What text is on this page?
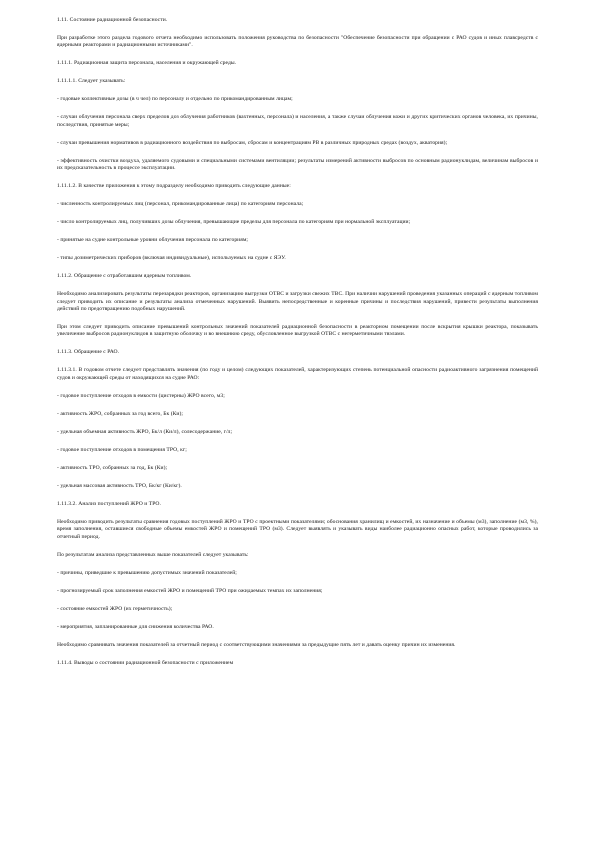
1.11. Состояние радиационной безопасности.

При разработке этого раздела годового отчета необходимо использовать положения руководства по безопасности "Обеспечение безопасности при обращении с РАО судов и иных плавсредств с ядерными реакторами и радиационными источниками".

1.11.1. Радиационная защита персонала, населения и окружающей среды.

1.11.1.1. Следует указывать:

- годовые коллективные дозы (в ч чел) по персоналу и отдельно по прикомандированным лицам;

- случаи облучения персонала сверх пределов доз облучения работников (вахтенных, персонала) и населения, а также случаи облучения кожи и других критических органов человека, их причины, последствия, принятые меры;

- случаи превышения нормативов в радиационного воздействия по выбросам, сбросам и концентрациям РВ в различных природных средах (воздух, акватория);

- эффективность очистки воздуха, удаляемого судовыми и специальными системами вентиляции; результаты измерений активности выбросов по основным радионуклидам, величинам выбросов и их предсказательность в процессе эксплуатации.

1.11.1.2. В качестве приложения к этому подразделу необходимо приводить следующие данные:

- численность контролируемых лиц (персонал, прикомандированные лица) по категориям персонала;

- число контролируемых лиц, получивших дозы облучения, превышающие пределы для персонала по категориям при нормальной эксплуатации;

- принятые на судне контрольные уровни облучения персонала по категориям;

- типы дозиметрических приборов (включая индивидуальные), используемых на судне с ЯЭУ.

1.11.2. Обращение с отработавшим ядерным топливом.

Необходимо анализировать результаты перезарядки реакторов, организацию выгрузки ОТВС и загрузки свежих ТВС. При наличии нарушений проведения указанных операций с ядерным топливом следует приводить их описание и результаты анализа отмеченных нарушений. Выявить непосредственные и коренные причины и последствия нарушений, привести результаты выполнения действий по предотвращению подобных нарушений.

При этом следует приводить описание превышений контрольных значений показателей радиационной безопасности в реакторном помещении после вскрытия крышки реактора, показывать увеличение выбросов радионуклидов в защитную оболочку и во внешнюю среду, обусловленное выгрузкой ОТВС с негерметичными твэлами.

1.11.3. Обращение с РАО.

1.11.3.1. В годовом отчете следует представлять значения (по году и целом) следующих показателей, характеризующих степень потенциальной опасности радиоактивного загрязнения помещений судов и окружающей среды от находящихся на судне РАО:

- годовое поступление отходов в емкости (цистерны) ЖРО всего, м3;

- активность ЖРО, собранных за год всего, Бк (Ки);

- удельная объемная активность ЖРО, Бк/л (Ки/л), солесодержание, г/л;

- годовое поступление отходов в помещения ТРО, кг;

- активность ТРО, собранных за год, Бк (Ки);

- удельная массовая активность ТРО, Бк/кг (Ки/кг).

1.11.3.2. Анализ поступлений ЖРО и ТРО.

Необходимо приводить результаты сравнения годовых поступлений ЖРО и ТРО с проектными показателями; обоснования хранилищ и емкостей, их назначение и объемы (м3), заполнение (м3, %), время заполнения, оставшиеся свободные объемы емкостей ЖРО и помещений ТРО (м3). Следует выявлять и указывать виды наиболее радиационно опасных работ, которые проводились за отчетный период.

По результатам анализа представленных выше показателей следует указывать:

- причины, приведшие к превышению допустимых значений показателей;

- прогнозируемый срок заполнения емкостей ЖРО и помещений ТРО при ожидаемых темпах их заполнения;

- состояние емкостей ЖРО (их герметичность);

- мероприятия, запланированные для снижения количества РАО.

Необходимо сравнивать значения показателей за отчетный период с соответствующими значениями за предыдущие пять лет и давать оценку причин их изменения.

1.11.4. Выводы о состоянии радиационной безопасности с приложением
